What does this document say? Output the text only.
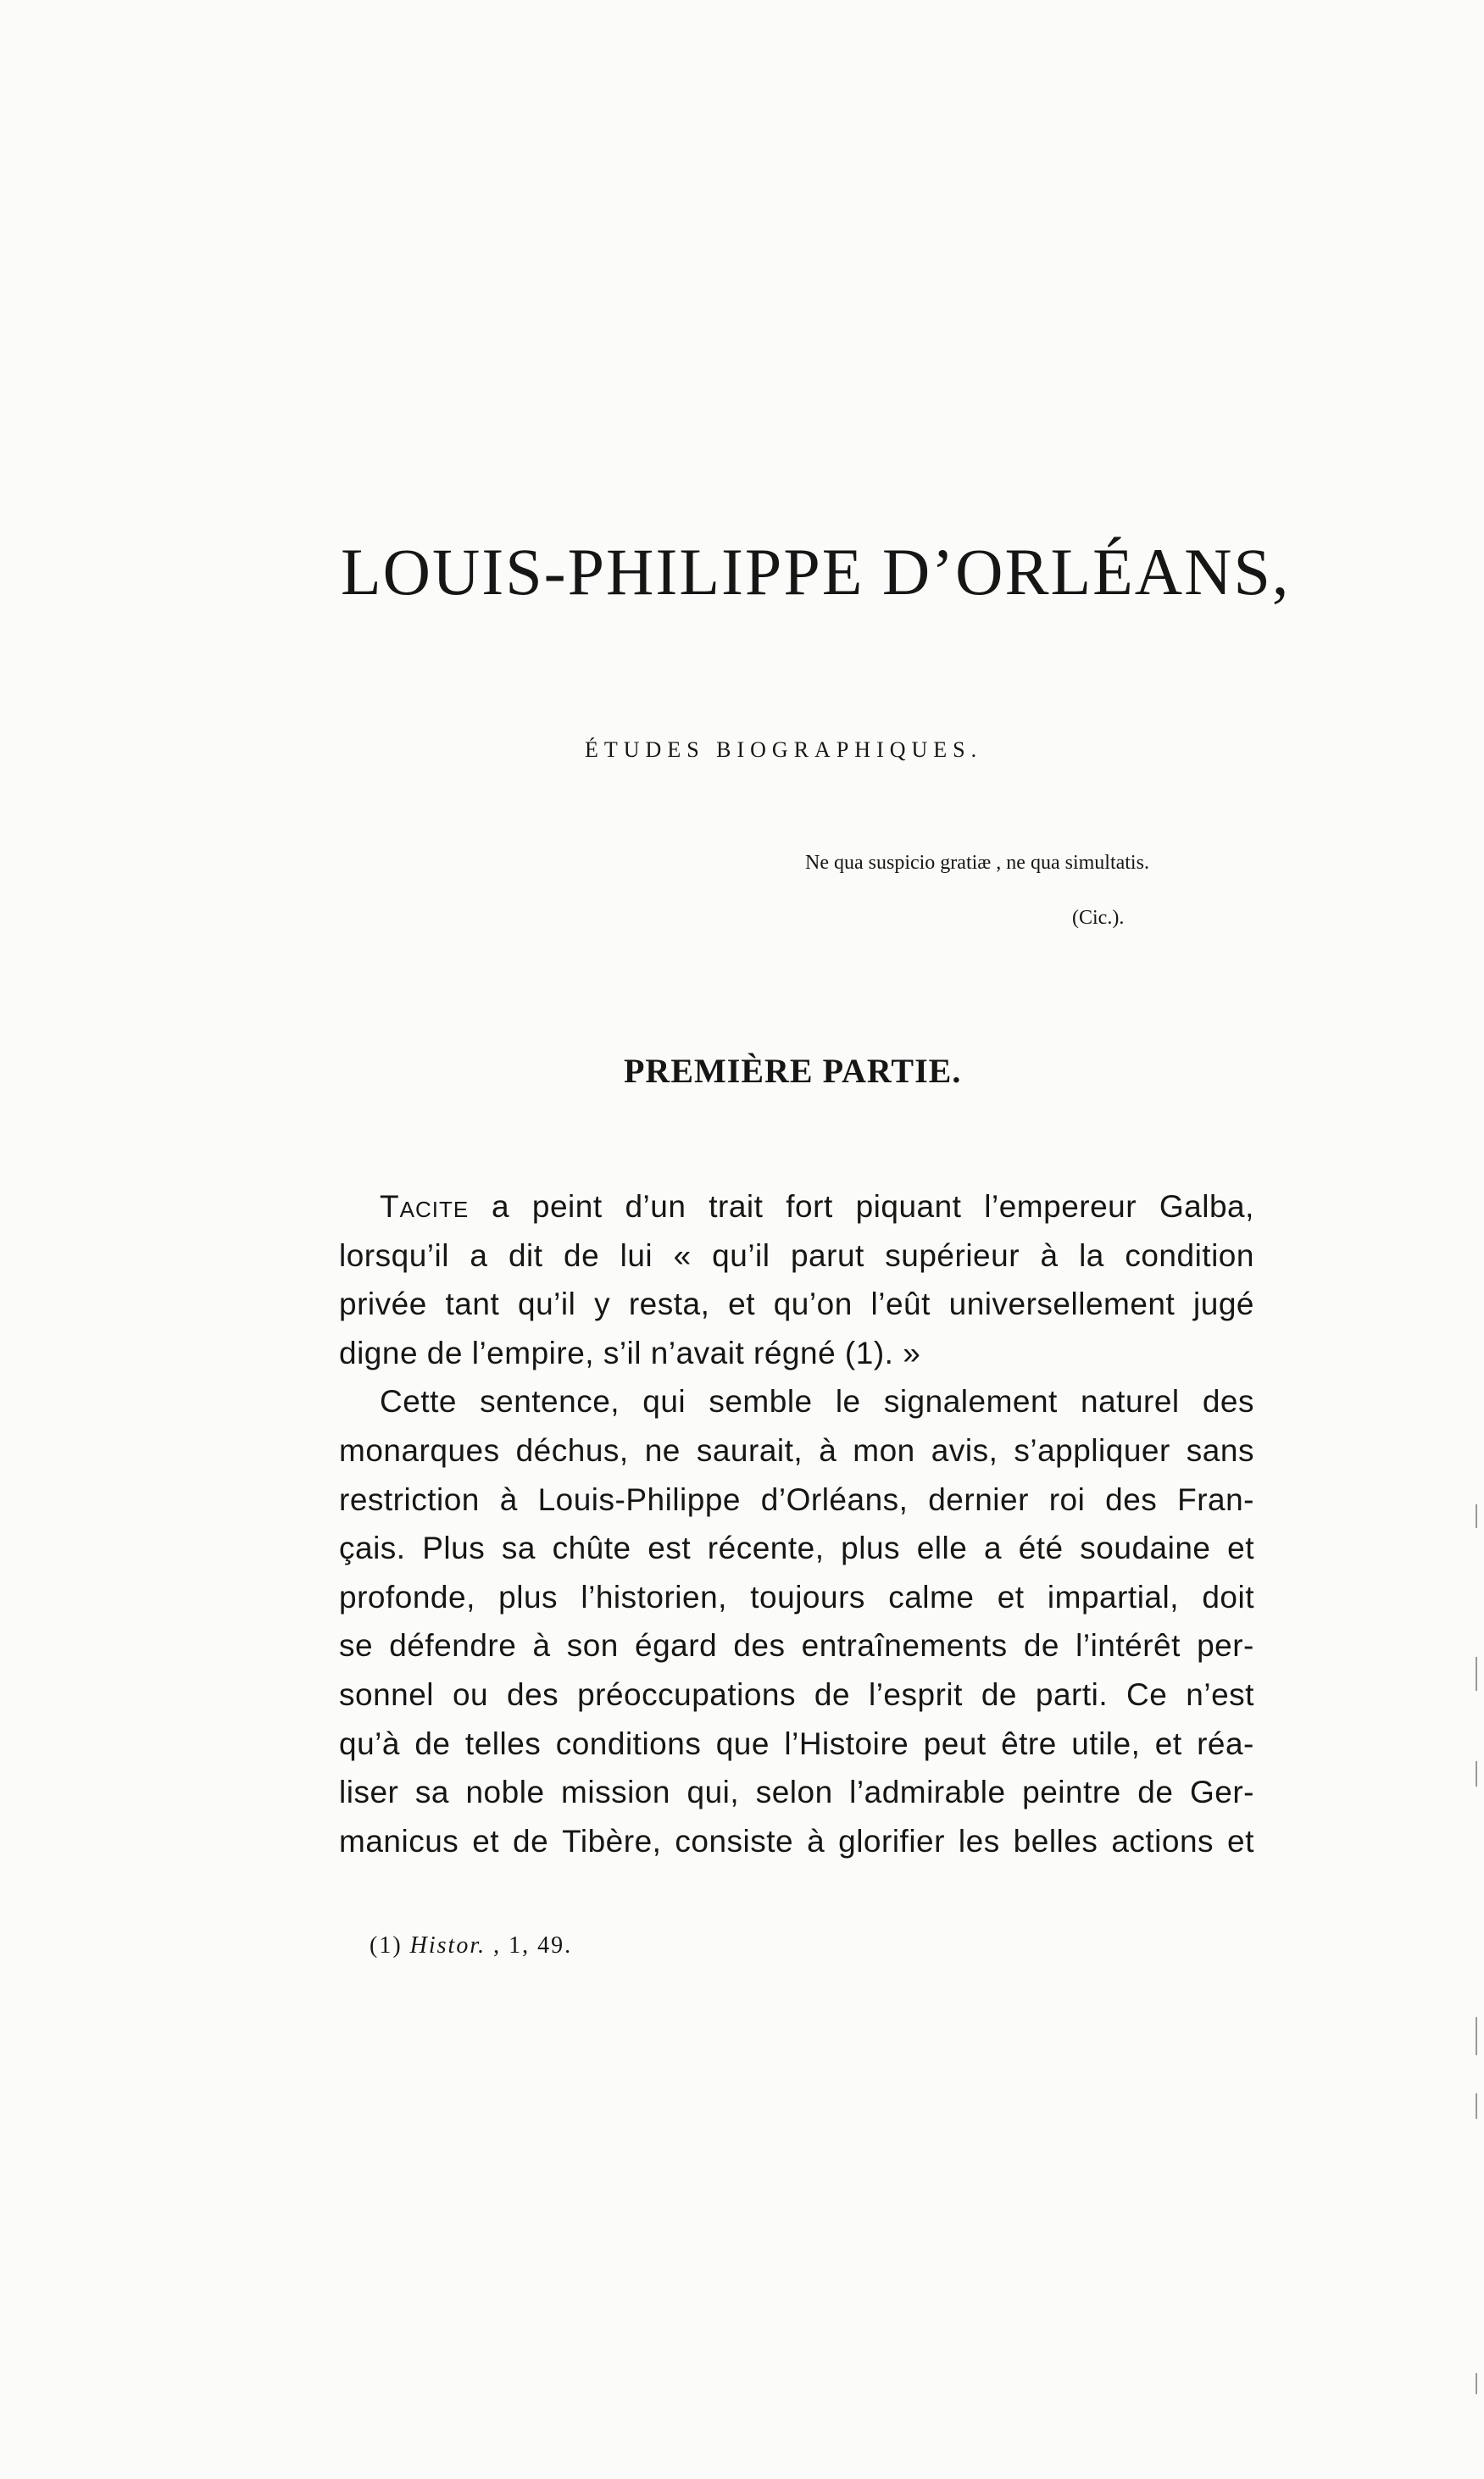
LOUIS-PHILIPPE D’ORLÉANS,
ÉTUDES BIOGRAPHIQUES.
Ne qua suspicio gratiæ , ne qua simultatis.
(Cic.).
PREMIÈRE PARTIE.
Tacite a peint d’un trait fort piquant l’empereur Galba,
lorsqu’il a dit de lui « qu’il parut supérieur à la condition
privée tant qu’il y resta, et qu’on l’eût universellement jugé
digne de l’empire, s’il n’avait régné (1). »
Cette sentence, qui semble le signalement naturel des
monarques déchus, ne saurait, à mon avis, s’appliquer sans
restriction à Louis-Philippe d’Orléans, dernier roi des Fran-
çais. Plus sa chûte est récente, plus elle a été soudaine et
profonde, plus l’historien, toujours calme et impartial, doit
se défendre à son égard des entraînements de l’intérêt per-
sonnel ou des préoccupations de l’esprit de parti. Ce n’est
qu’à de telles conditions que l’Histoire peut être utile, et réa-
liser sa noble mission qui, selon l’admirable peintre de Ger-
manicus et de Tibère, consiste à glorifier les belles actions et
(1) Histor. , 1, 49.
